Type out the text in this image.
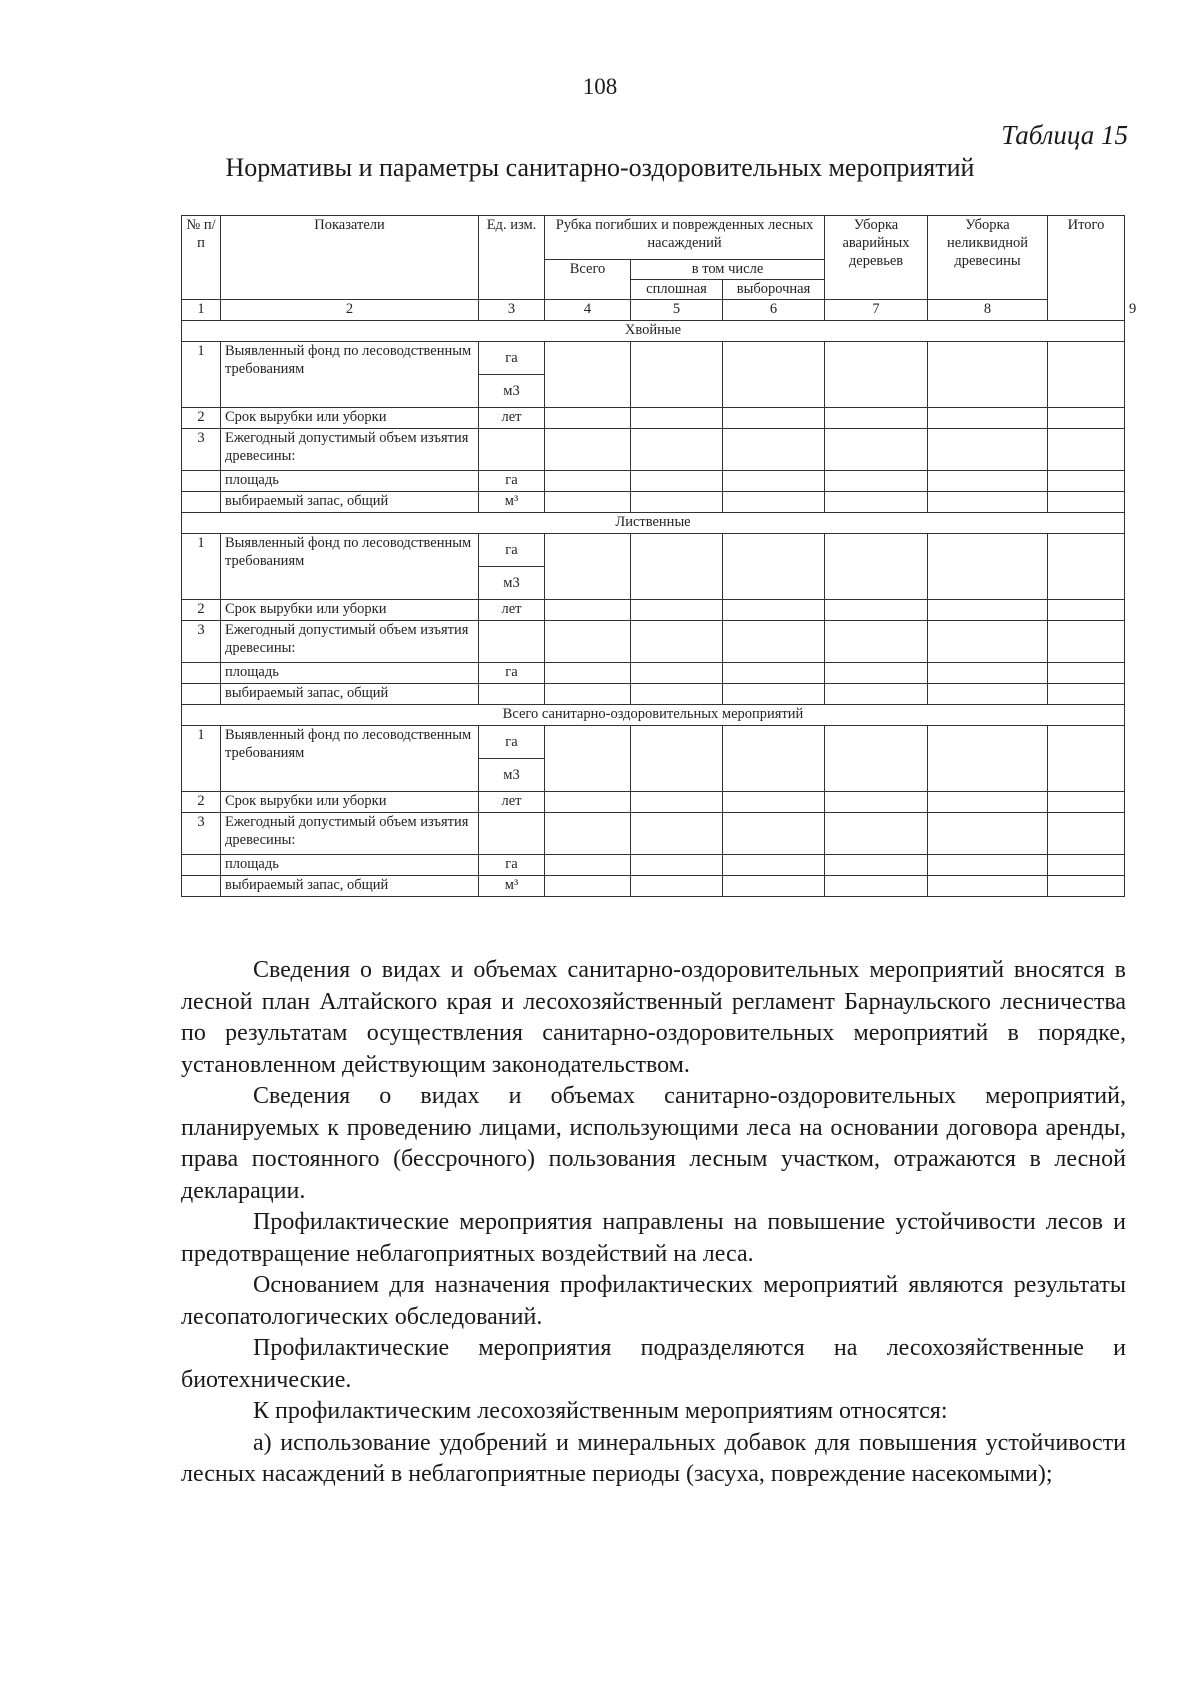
108
Таблица 15
Нормативы и параметры санитарно-оздоровительных мероприятий
№ п/п	Показатели	Ед. изм.	Рубка погибших и поврежденных лесных насаждений			Уборка аварийных деревьев	Уборка неликвидной древесины	Итого	
			Всего	в том числе					
				сплошная	выборочная				
1	2	3	4	5	6	7	8		9
Хвойные									
1	Выявленный фонд по лесоводственным требованиям	га							
		м3							
2	Срок вырубки или уборки	лет							
3	Ежегодный допустимый объем изъятия древесины:								
	площадь	га							
	выбираемый запас, общий	м³							
Лиственные									
1	Выявленный фонд по лесоводственным требованиям	га							
		м3							
2	Срок вырубки или уборки	лет							
3	Ежегодный допустимый объем изъятия древесины:								
	площадь	га							
	выбираемый запас, общий								
Всего санитарно-оздоровительных мероприятий									
1	Выявленный фонд по лесоводственным требованиям	га							
		м3							
2	Срок вырубки или уборки	лет							
3	Ежегодный допустимый объем изъятия древесины:								
	площадь	га							
	выбираемый запас, общий	м³							

Сведения о видах и объемах санитарно-оздоровительных мероприятий вносятся в лесной план Алтайского края и лесохозяйственный регламент Барнаульского лесничества по результатам осуществления санитарно-оздоровительных мероприятий в порядке, установленном действующим законодательством.

Сведения о видах и объемах санитарно-оздоровительных мероприятий, планируемых к проведению лицами, использующими леса на основании договора аренды, права постоянного (бессрочного) пользования лесным участком, отражаются в лесной декларации.

Профилактические мероприятия направлены на повышение устойчивости лесов и предотвращение неблагоприятных воздействий на леса.

Основанием для назначения профилактических мероприятий являются результаты лесопатологических обследований.

Профилактические мероприятия подразделяются на лесохозяйственные и биотехнические.

К профилактическим лесохозяйственным мероприятиям относятся:

а) использование удобрений и минеральных добавок для повышения устойчивости лесных насаждений в неблагоприятные периоды (засуха, повреждение насекомыми);
